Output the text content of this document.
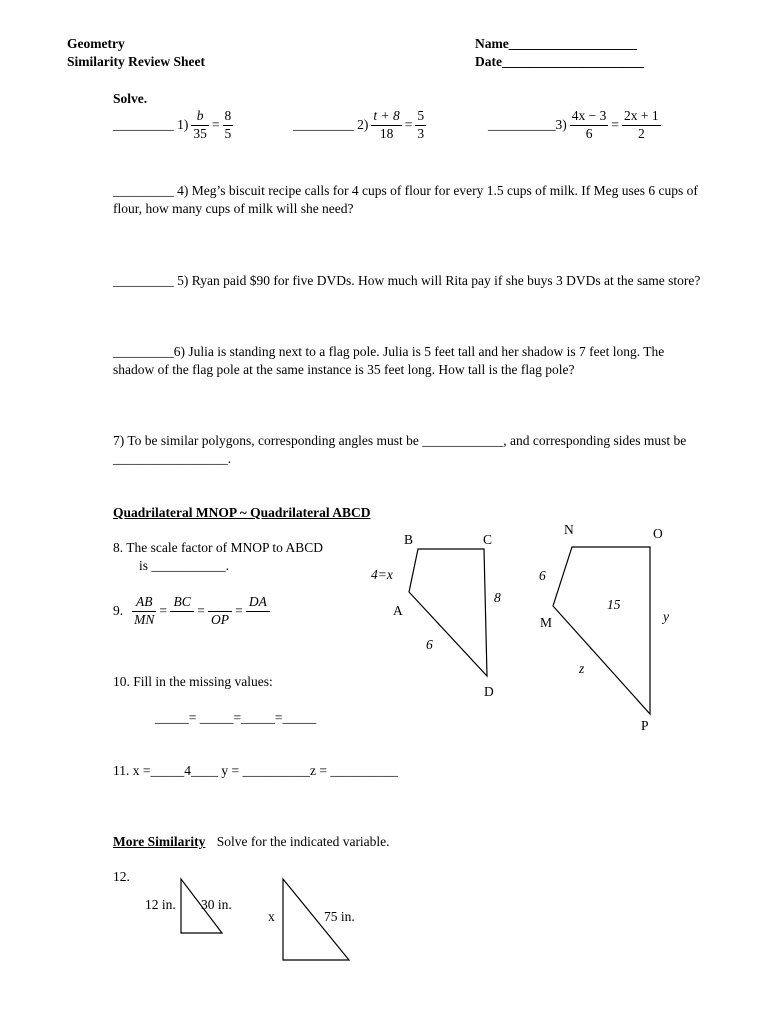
Geometry
Similarity Review Sheet
Name___________________
Date_____________________
Solve.
_________ $1) \frac{b}{35} = \frac{8}{5}$	_________ $2) \frac{t + 8}{18} = \frac{5}{3}$	__________3) $\frac{4x - 3}{6} = \frac{2x + 1}{2}$
_________ 4) Meg’s biscuit recipe calls for 4 cups of flour for every 1.5 cups of milk. If Meg uses 6 cups of flour, how many cups of milk will she need?
_________ 5) Ryan paid $90 for five DVDs. How much will Rita pay if she buys 3 DVDs at the same store?
_________6) Julia is standing next to a flag pole. Julia is 5 feet tall and her shadow is 7 feet long. The shadow of the flag pole at the same instance is 35 feet long. How tall is the flag pole?
7) To be similar polygons, corresponding angles must be ____________, and corresponding sides must be _________________.
Quadrilateral MNOP ~ Quadrilateral ABCD
8. The scale factor of MNOP to ABCD
is ___________.
9. $\frac{AB}{MN} = \frac{BC}{\_\_\_} = \frac{\_\_\_}{OP} = \frac{DA}{\_\_\_}$
10. Fill in the missing values:
_____= _____=_____=_____
11. x =_____4____ y = __________z = __________
B	C
A
D
4=x
8
6
N	O
M
P
6
15
y
z
More Similarity Solve for the indicated variable.
12.
12 in. 30 in.
x	75 in.
